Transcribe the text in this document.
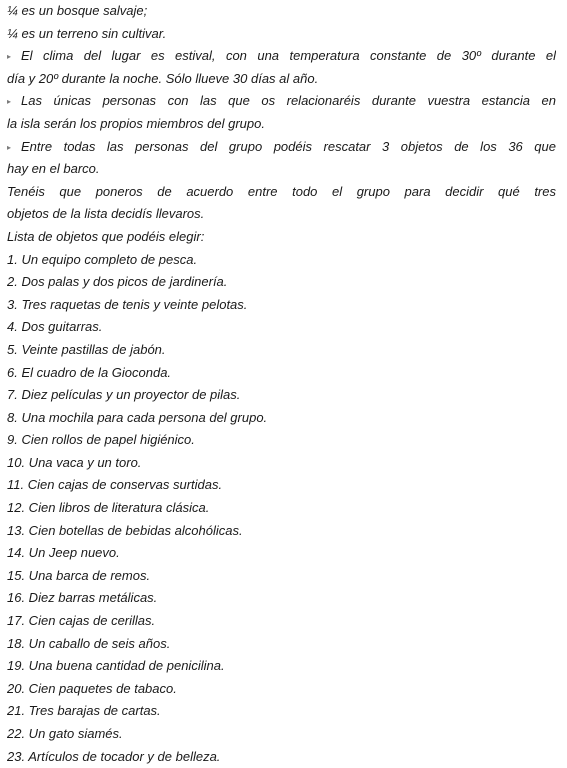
¼ es un bosque salvaje;
¼ es un terreno sin cultivar.
▸ El clima del lugar es estival, con una temperatura constante de 30º durante el
día y 20º durante la noche. Sólo llueve 30 días al año.
▸ Las únicas personas con las que os relacionaréis durante vuestra estancia en
la isla serán los propios miembros del grupo.
▸ Entre todas las personas del grupo podéis rescatar 3 objetos de los 36 que
hay en el barco.
Tenéis que poneros de acuerdo entre todo el grupo para decidir qué tres
objetos de la lista decidís llevaros.
Lista de objetos que podéis elegir:
1. Un equipo completo de pesca.
2. Dos palas y dos picos de jardinería.
3. Tres raquetas de tenis y veinte pelotas.
4. Dos guitarras.
5. Veinte pastillas de jabón.
6. El cuadro de la Gioconda.
7. Diez películas y un proyector de pilas.
8. Una mochila para cada persona del grupo.
9. Cien rollos de papel higiénico.
10. Una vaca y un toro.
11. Cien cajas de conservas surtidas.
12. Cien libros de literatura clásica.
13. Cien botellas de bebidas alcohólicas.
14. Un Jeep nuevo.
15. Una barca de remos.
16. Diez barras metálicas.
17. Cien cajas de cerillas.
18. Un caballo de seis años.
19. Una buena cantidad de penicilina.
20. Cien paquetes de tabaco.
21. Tres barajas de cartas.
22. Un gato siamés.
23. Artículos de tocador y de belleza.
